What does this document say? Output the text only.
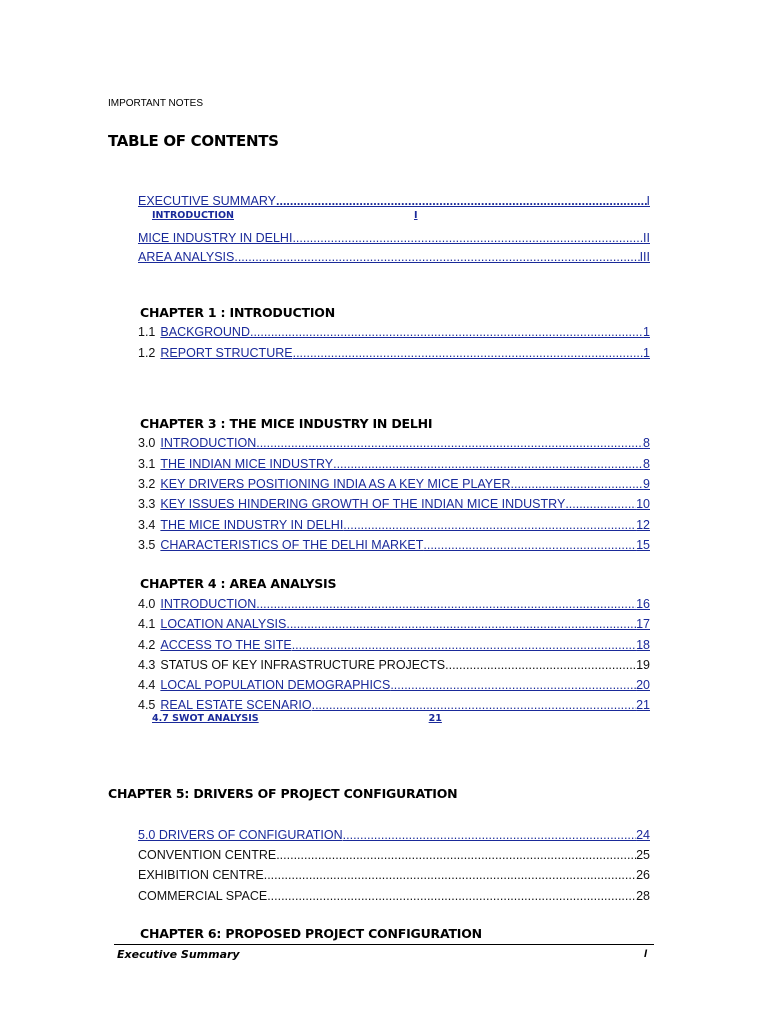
IMPORTANT NOTES
TABLE OF CONTENTS
EXECUTIVE SUMMARY .....	I
INTRODUCTION	I
MICE INDUSTRY IN DELHI .....	II
AREA ANALYSIS .....	III
CHAPTER 1 : INTRODUCTION
1.1 BACKGROUND .....	1
1.2 REPORT STRUCTURE .....	1
CHAPTER 3 : THE MICE INDUSTRY IN DELHI
3.0 INTRODUCTION .....	8
3.1 THE INDIAN MICE INDUSTRY .....	8
3.2 KEY DRIVERS POSITIONING INDIA AS A KEY MICE PLAYER .....	9
3.3 KEY ISSUES HINDERING GROWTH OF THE INDIAN MICE INDUSTRY .....	10
3.4 THE MICE INDUSTRY IN DELHI .....	12
3.5 CHARACTERISTICS OF THE DELHI MARKET .....	15
CHAPTER 4 : AREA ANALYSIS
4.0 INTRODUCTION .....	16
4.1 LOCATION ANALYSIS .....	17
4.2 ACCESS TO THE SITE .....	18
4.3 STATUS OF KEY INFRASTRUCTURE PROJECTS .....	19
4.4 LOCAL POPULATION DEMOGRAPHICS .....	20
4.5 REAL ESTATE SCENARIO .....	21
4.7 SWOT ANALYSIS	21
CHAPTER 5: DRIVERS OF PROJECT CONFIGURATION
5.0 DRIVERS OF CONFIGURATION .....	24
CONVENTION CENTRE .....	25
EXHIBITION CENTRE .....	26
COMMERCIAL SPACE .....	28
CHAPTER 6: PROPOSED PROJECT CONFIGURATION
Executive Summary	I
